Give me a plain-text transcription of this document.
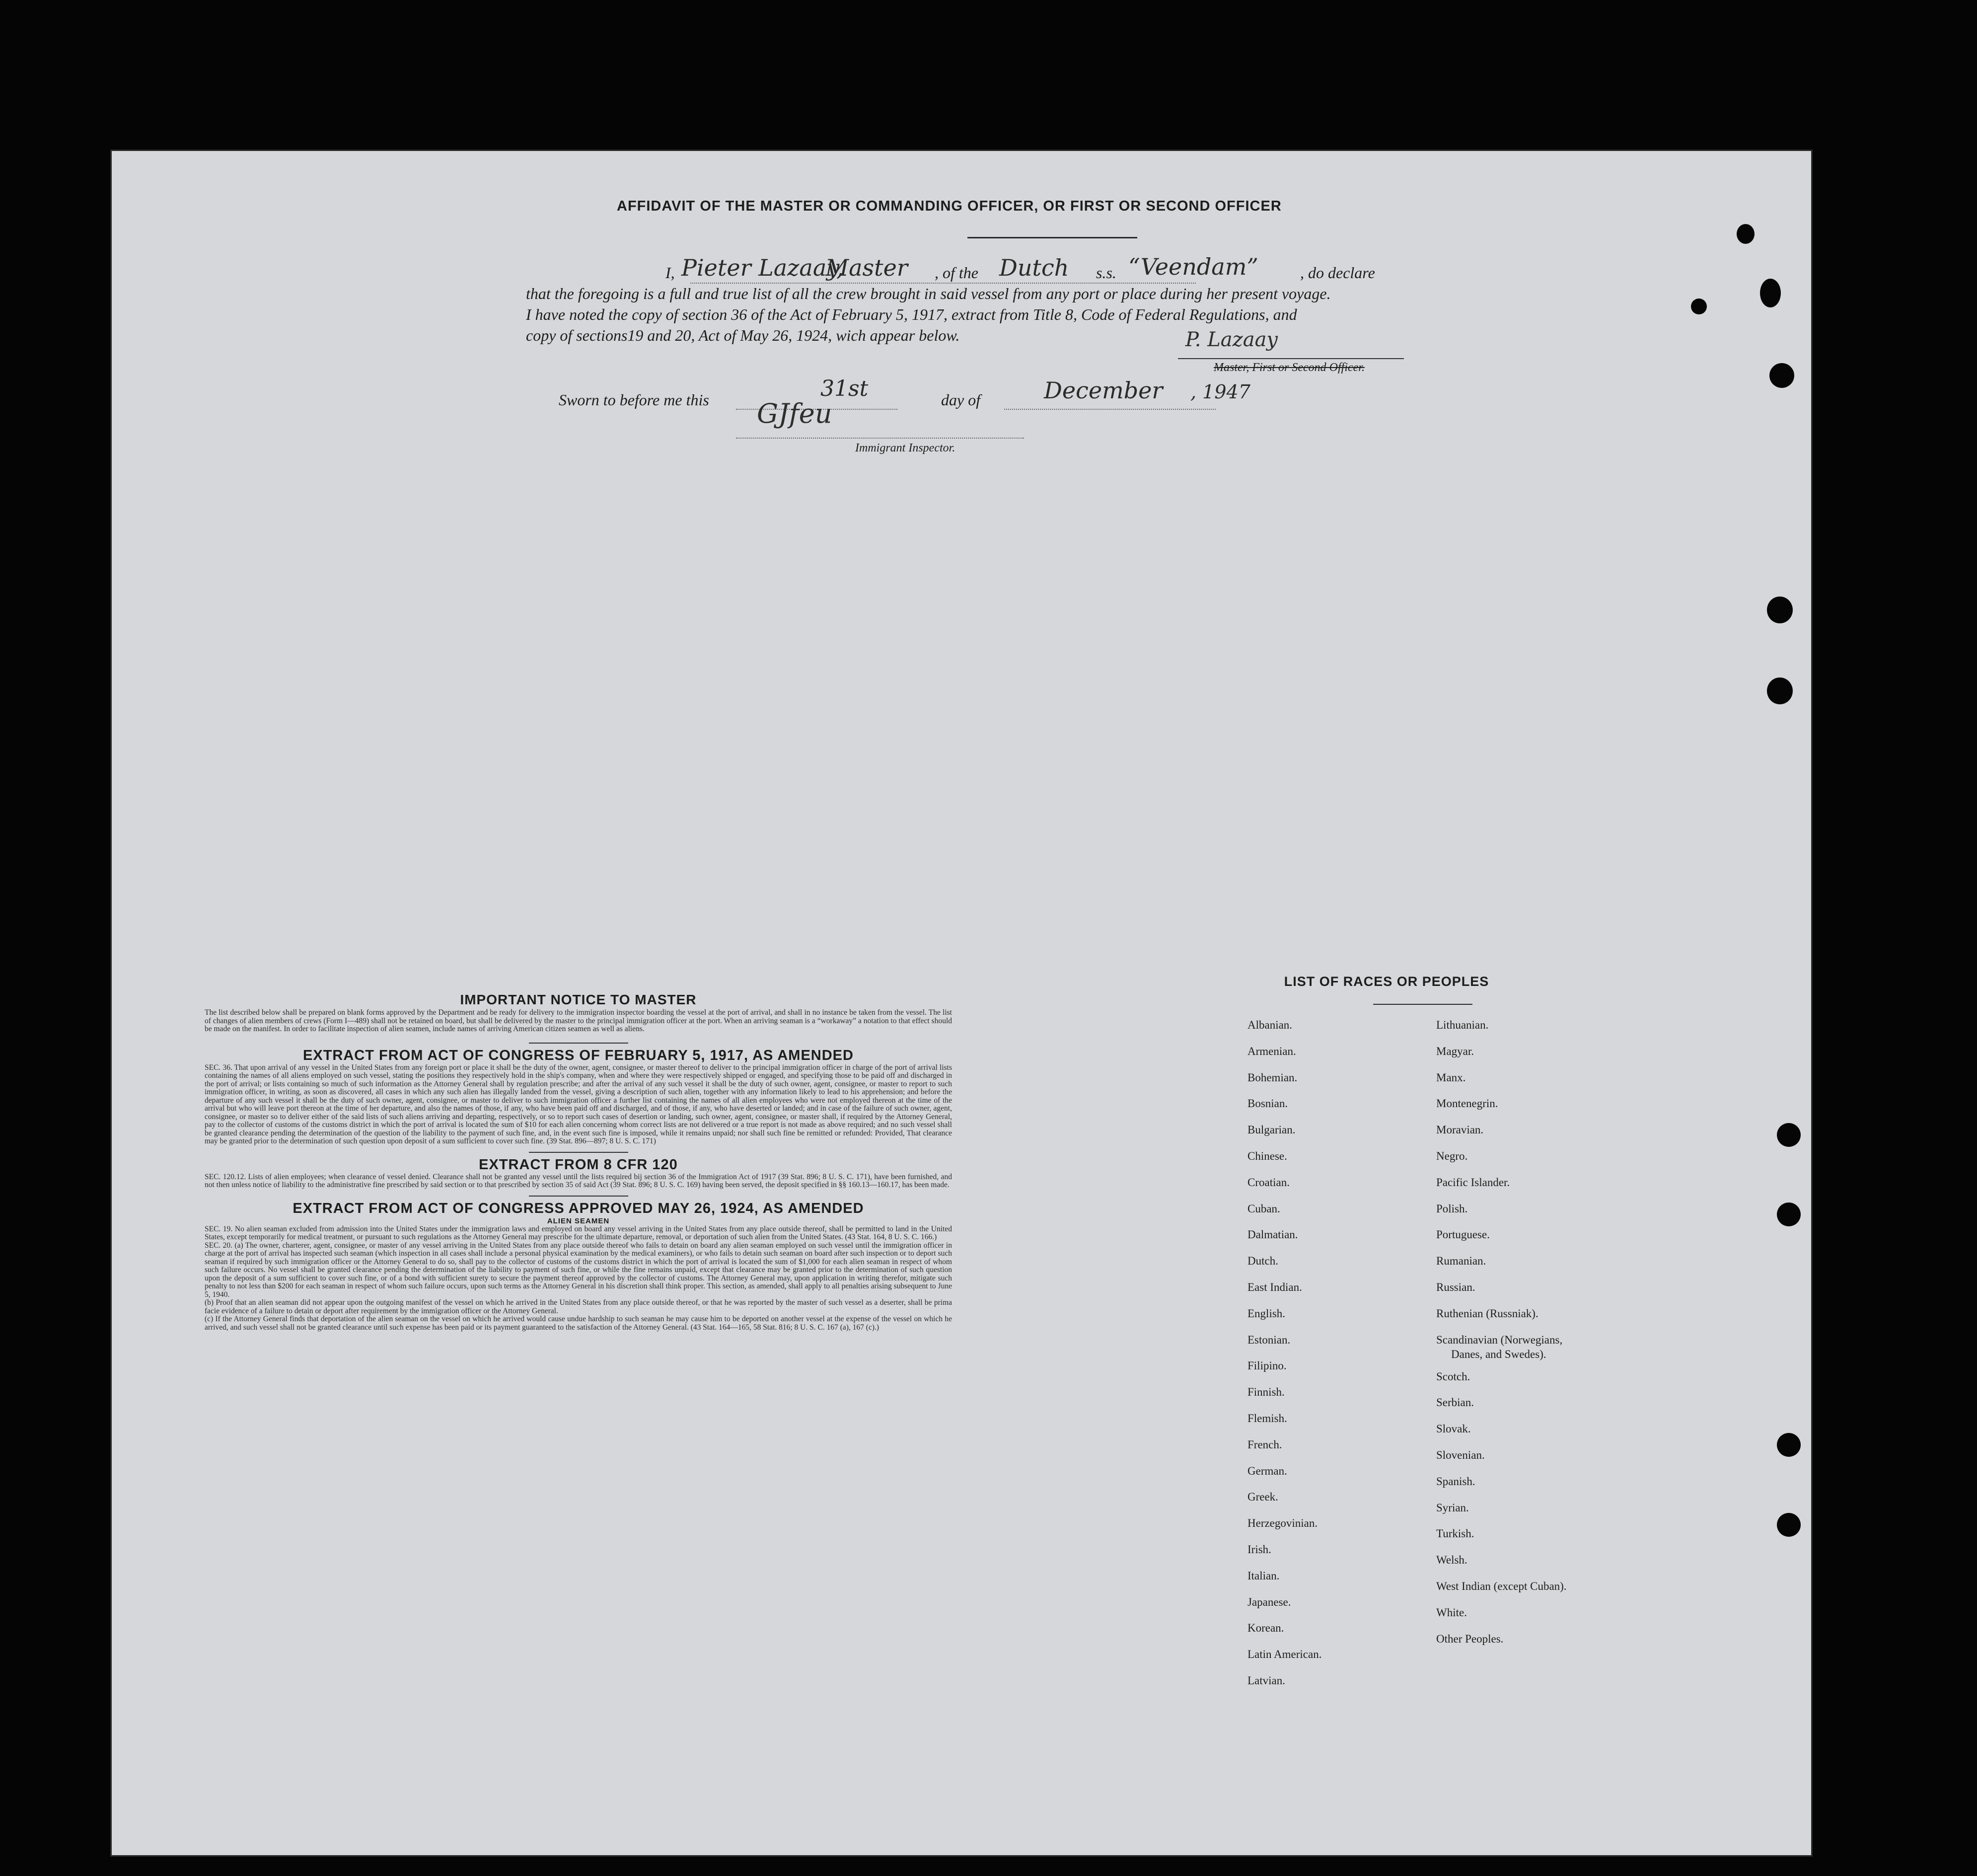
AFFIDAVIT OF THE MASTER OR COMMANDING OFFICER, OR FIRST OR SECOND OFFICER
I, Pieter Lazaay,
Master , of the Dutch s.s. “Veendam”	, do declare
that the foregoing is a full and true list of all the crew brought in said vessel from any port or place during her present voyage.
I have noted the copy of section 36 of the Act of February 5, 1917, extract from Title 8, Code of Federal Regulations, and
copy of sections19 and 20, Act of May 26, 1924, wich appear below.	P. Lazaay
Master, First or Second Officer.
Sworn to before me this	31st	day of	December , 1947
GJfeu
Immigrant Inspector.
IMPORTANT NOTICE TO MASTER
The list described below shall be prepared on blank forms approved by the Department and be ready for delivery to the immigration inspector boarding the vessel at the port of arrival, and shall in no instance be taken from the vessel. The list of changes of alien members of crews (Form I—489) shall not be retained on board, but shall be delivered by the master to the principal immigration officer at the port. When an arriving seaman is a “workaway” a notation to that effect should be made on the manifest. In order to facilitate inspection of alien seamen, include names of arriving American citizen seamen as well as aliens.
EXTRACT FROM ACT OF CONGRESS OF FEBRUARY 5, 1917, AS AMENDED
SEC. 36. That upon arrival of any vessel in the United States from any foreign port or place it shall be the duty of the owner, agent, consignee, or master thereof to deliver to the principal immigration officer in charge of the port of arrival lists containing the names of all aliens employed on such vessel, stating the positions they respectively hold in the ship's company, when and where they were respectively shipped or engaged, and specifying those to be paid off and discharged in the port of arrival; or lists containing so much of such information as the Attorney General shall by regulation prescribe; and after the arrival of any such vessel it shall be the duty of such owner, agent, consignee, or master to report to such immigration officer, in writing, as soon as discovered, all cases in which any such alien has illegally landed from the vessel, giving a description of such alien, together with any information likely to lead to his apprehension; and before the departure of any such vessel it shall be the duty of such owner, agent, consignee, or master to deliver to such immigration officer a further list containing the names of all alien employees who were not employed thereon at the time of the arrival but who will leave port thereon at the time of her departure, and also the names of those, if any, who have been paid off and discharged, and of those, if any, who have deserted or landed; and in case of the failure of such owner, agent, consignee, or master so to deliver either of the said lists of such aliens arriving and departing, respectively, or so to report such cases of desertion or landing, such owner, agent, consignee, or master shall, if required by the Attorney General, pay to the collector of customs of the customs district in which the port of arrival is located the sum of $10 for each alien concerning whom correct lists are not delivered or a true report is not made as above required; and no such vessel shall be granted clearance pending the determination of the question of the liability to the payment of such fine, and, in the event such fine is imposed, while it remains unpaid; nor shall such fine be remitted or refunded: Provided, That clearance may be granted prior to the determination of such question upon deposit of a sum sufficient to cover such fine. (39 Stat. 896—897; 8 U. S. C. 171)
EXTRACT FROM 8 CFR 120
SEC. 120.12. Lists of alien employees; when clearance of vessel denied. Clearance shall not be granted any vessel until the lists required bij section 36 of the Immigration Act of 1917 (39 Stat. 896; 8 U. S. C. 171), have been furnished, and not then unless notice of liability to the administrative fine prescribed by said section or to that prescribed by section 35 of said Act (39 Stat. 896; 8 U. S. C. 169) having been served, the deposit specified in §§ 160.13—160.17, has been made.
EXTRACT FROM ACT OF CONGRESS APPROVED MAY 26, 1924, AS AMENDED
ALIEN SEAMEN
SEC. 19. No alien seaman excluded from admission into the United States under the immigration laws and employed on board any vessel arriving in the United States from any place outside thereof, shall be permitted to land in the United States, except temporarily for medical treatment, or pursuant to such regulations as the Attorney General may prescribe for the ultimate departure, removal, or deportation of such alien from the United States. (43 Stat. 164, 8 U. S. C. 166.)
SEC. 20. (a) The owner, charterer, agent, consignee, or master of any vessel arriving in the United States from any place outside thereof who fails to detain on board any alien seaman employed on such vessel until the immigration officer in charge at the port of arrival has inspected such seaman (which inspection in all cases shall include a personal physical examination by the medical examiners), or who fails to detain such seaman on board after such inspection or to deport such seaman if required by such immigration officer or the Attorney General to do so, shall pay to the collector of customs of the customs district in which the port of arrival is located the sum of $1,000 for each alien seaman in respect of whom such failure occurs. No vessel shall be granted clearance pending the determination of the liability to payment of such fine, or while the fine remains unpaid, except that clearance may be granted prior to the determination of such question upon the deposit of a sum sufficient to cover such fine, or of a bond with sufficient surety to secure the payment thereof approved by the collector of customs. The Attorney General may, upon application in writing therefor, mitigate such penalty to not less than $200 for each seaman in respect of whom such failure occurs, upon such terms as the Attorney General in his discretion shall think proper. This section, as amended, shall apply to all penalties arising subsequent to June 5, 1940.
(b) Proof that an alien seaman did not appear upon the outgoing manifest of the vessel on which he arrived in the United States from any place outside thereof, or that he was reported by the master of such vessel as a deserter, shall be prima facie evidence of a failure to detain or deport after requirement by the immigration officer or the Attorney General.
(c) If the Attorney General finds that deportation of the alien seaman on the vessel on which he arrived would cause undue hardship to such seaman he may cause him to be deported on another vessel at the expense of the vessel on which he arrived, and such vessel shall not be granted clearance until such expense has been paid or its payment guaranteed to the satisfaction of the Attorney General. (43 Stat. 164—165, 58 Stat. 816; 8 U. S. C. 167 (a), 167 (c).)
LIST OF RACES OR PEOPLES
Albanian.
Armenian.
Bohemian.
Bosnian.
Bulgarian.
Chinese.
Croatian.
Cuban.
Dalmatian.
Dutch.
East Indian.
English.
Estonian.
Filipino.
Finnish.
Flemish.
French.
German.
Greek.
Herzegovinian.
Irish.
Italian.
Japanese.
Korean.
Latin American.
Latvian.
Lithuanian.
Magyar.
Manx.
Montenegrin.
Moravian.
Negro.
Pacific Islander.
Polish.
Portuguese.
Rumanian.
Russian.
Ruthenian (Russniak).
Scandinavian (Norwegians,
Danes, and Swedes).
Scotch.
Serbian.
Slovak.
Slovenian.
Spanish.
Syrian.
Turkish.
Welsh.
West Indian (except Cuban).
White.
Other Peoples.
